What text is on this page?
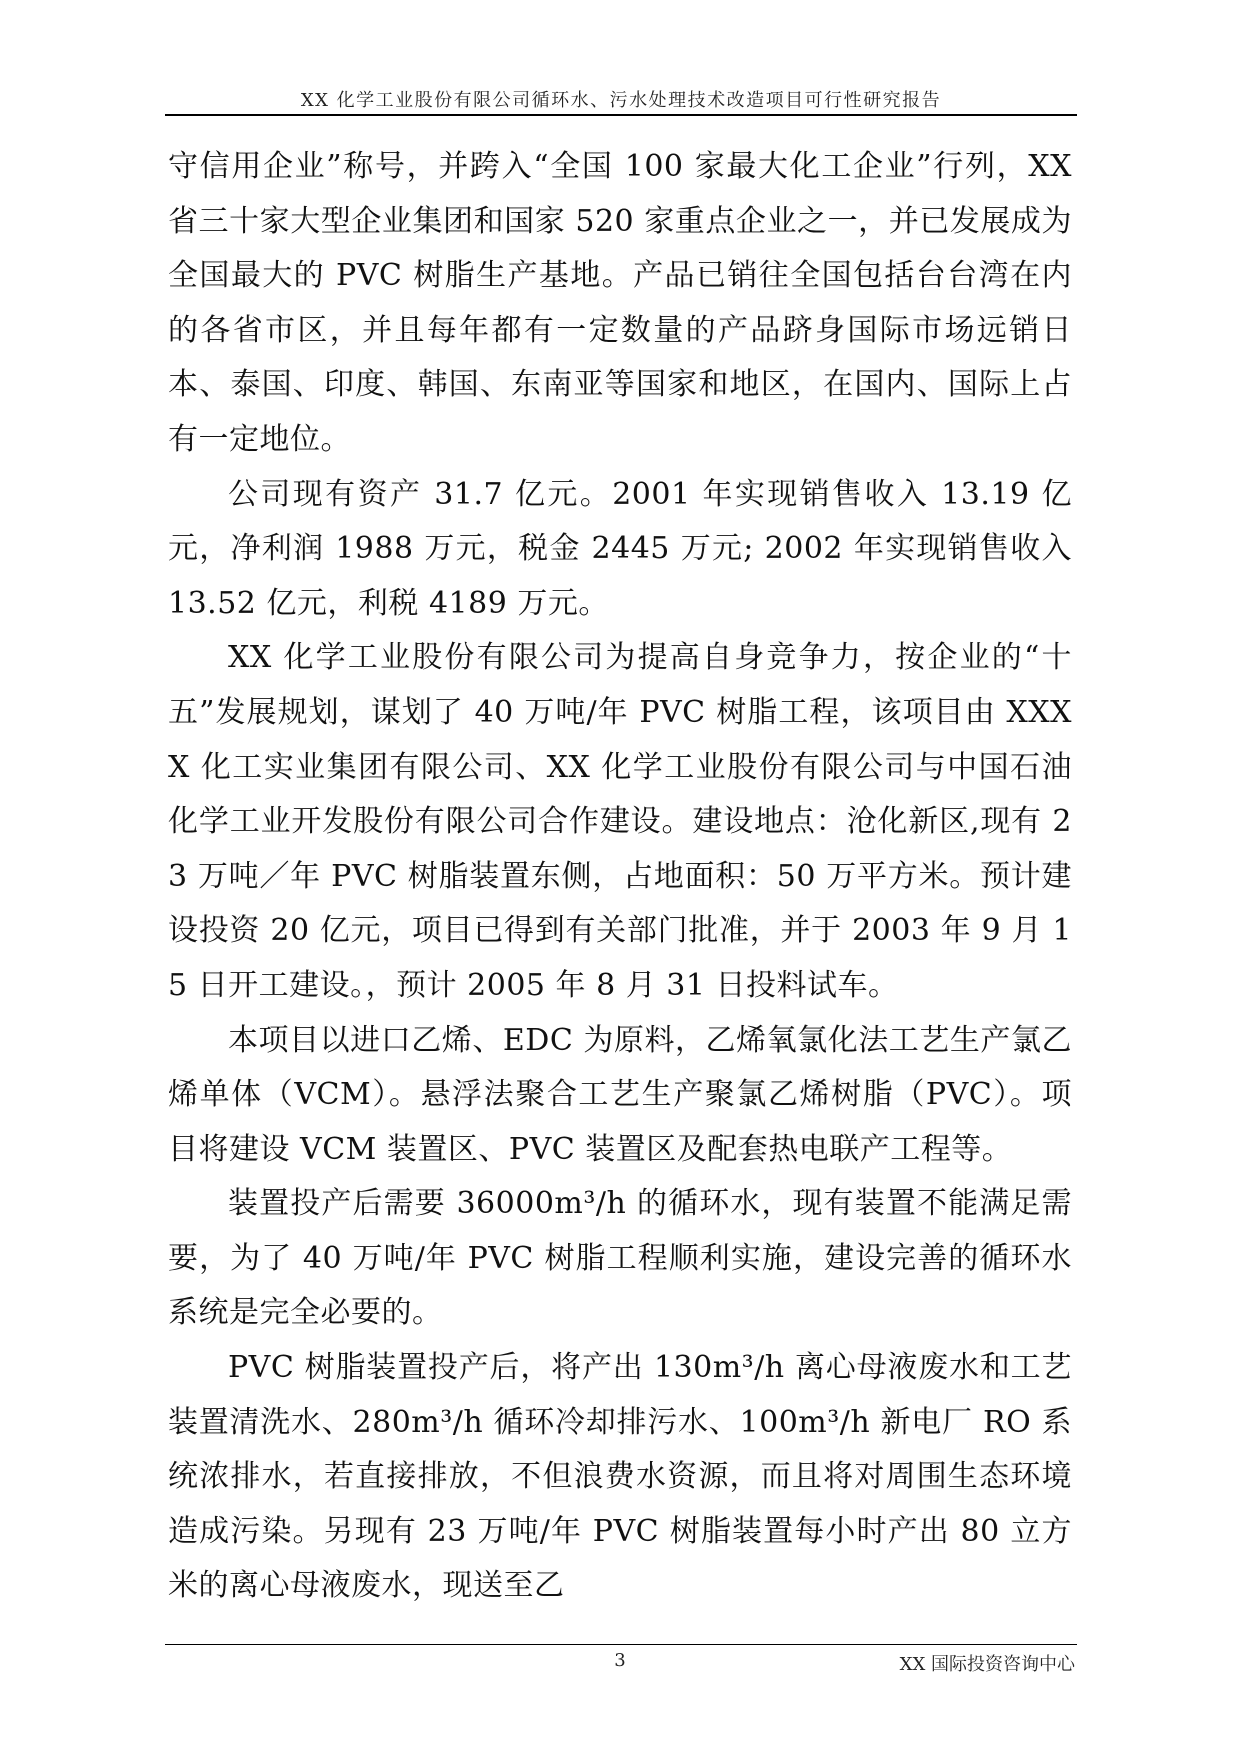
XX 化学工业股份有限公司循环水、污水处理技术改造项目可行性研究报告

守信用企业”称号，并跨入“全国 100 家最大化工企业”行列，XX 省三十家大型企业集团和国家 520 家重点企业之一，并已发展成为全国最大的 PVC 树脂生产基地。产品已销往全国包括台台湾在内的各省市区，并且每年都有一定数量的产品跻身国际市场远销日本、泰国、印度、韩国、东南亚等国家和地区，在国内、国际上占有一定地位。

公司现有资产 31.7 亿元。2001 年实现销售收入 13.19 亿元，净利润 1988 万元，税金 2445 万元; 2002 年实现销售收入 13.52 亿元，利税 4189 万元。

XX 化学工业股份有限公司为提高自身竞争力，按企业的“十五”发展规划，谋划了 40 万吨/年 PVC 树脂工程，该项目由 XXXX 化工实业集团有限公司、XX 化学工业股份有限公司与中国石油化学工业开发股份有限公司合作建设。建设地点：沧化新区,现有 23 万吨／年 PVC 树脂装置东侧，占地面积：50 万平方米。预计建设投资 20 亿元，项目已得到有关部门批准，并于 2003 年 9 月 15 日开工建设。，预计 2005 年 8 月 31 日投料试车。

本项目以进口乙烯、EDC 为原料，乙烯氧氯化法工艺生产氯乙烯单体（VCM）。悬浮法聚合工艺生产聚氯乙烯树脂（PVC）。项目将建设 VCM 装置区、PVC 装置区及配套热电联产工程等。

装置投产后需要 36000m³/h 的循环水，现有装置不能满足需要，为了 40 万吨/年 PVC 树脂工程顺利实施，建设完善的循环水系统是完全必要的。

PVC 树脂装置投产后，将产出 130m³/h 离心母液废水和工艺装置清洗水、280m³/h 循环冷却排污水、100m³/h 新电厂 RO 系统浓排水，若直接排放，不但浪费水资源，而且将对周围生态环境造成污染。另现有 23 万吨/年 PVC 树脂装置每小时产出 80 立方米的离心母液废水，现送至乙

3	XX 国际投资咨询中心
